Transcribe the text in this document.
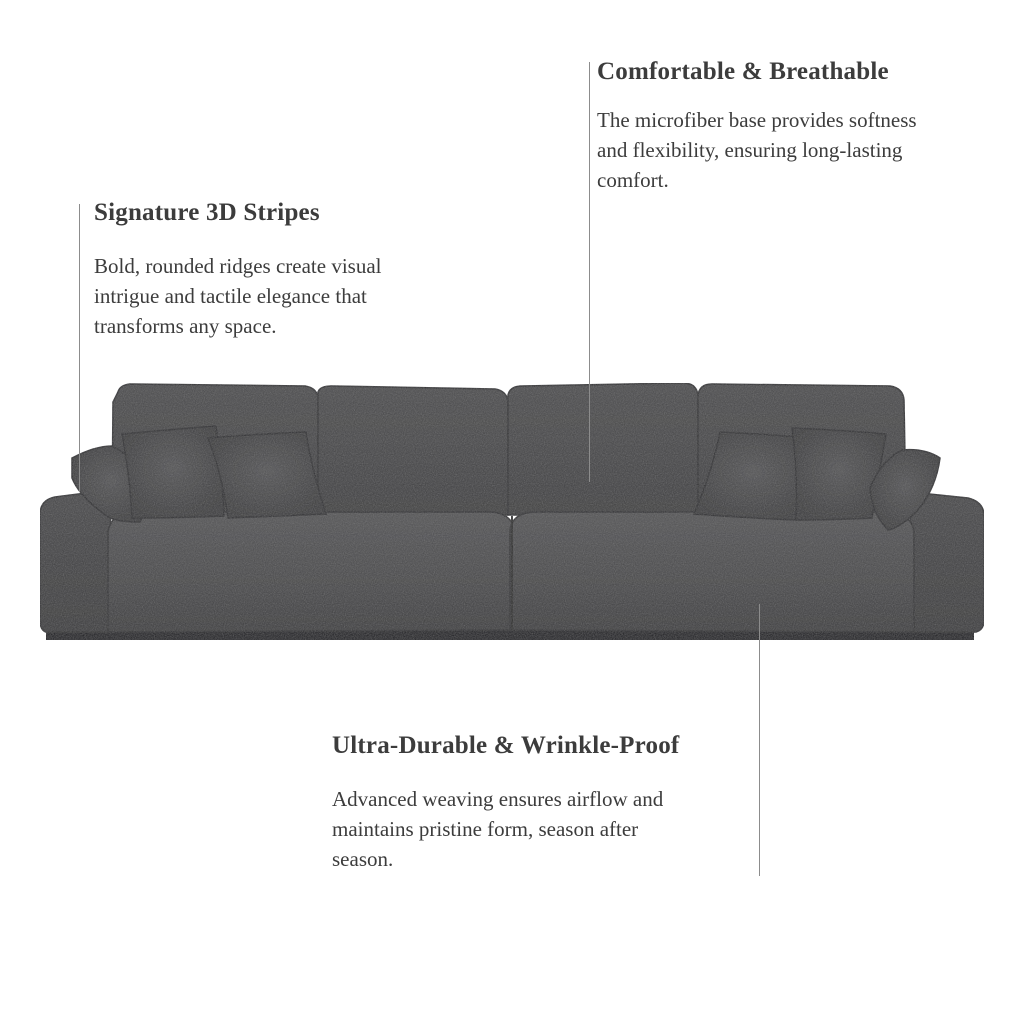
Comfortable & Breathable

The microfiber base provides softness and flexibility, ensuring long-lasting comfort.

Signature 3D Stripes

Bold, rounded ridges create visual intrigue and tactile elegance that transforms any space.

Ultra-Durable & Wrinkle-Proof

Advanced weaving ensures airflow and maintains pristine form, season after season.
